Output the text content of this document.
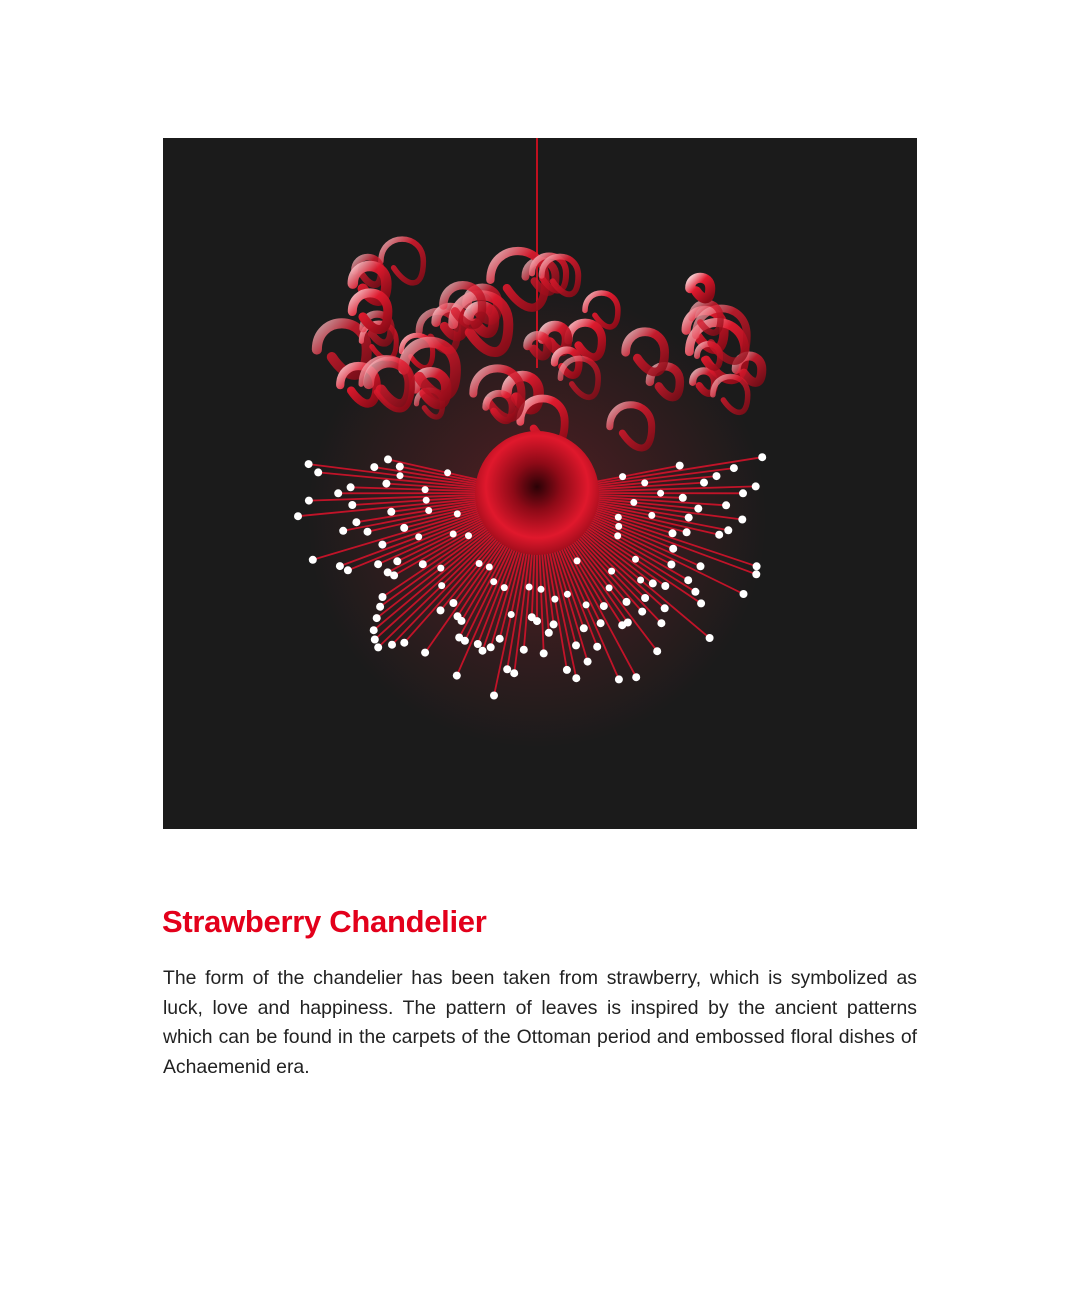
Strawberry Chandelier

The form of the chandelier has been taken from strawberry, which is symbolized as luck, love and happiness. The pattern of leaves is inspired by the ancient patterns which can be found in the carpets of the Ottoman period and embossed floral dishes of Achaemenid era.
